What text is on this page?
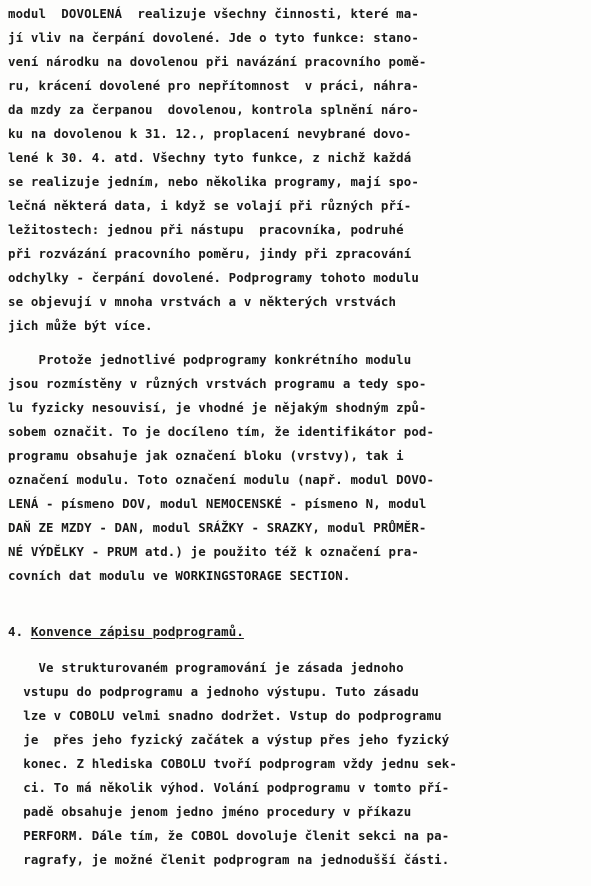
modul  DOVOLENÁ  realizuje všechny činnosti, které ma-
jí vliv na čerpání dovolené. Jde o tyto funkce: stano-
vení národku na dovolenou při navázání pracovního pomě-
ru, krácení dovolené pro nepřítomnost  v práci, náhra-
da mzdy za čerpanou  dovolenou, kontrola splnění náro-
ku na dovolenou k 31. 12., proplacení nevybrané dovo-
lené k 30. 4. atd. Všechny tyto funkce, z nichž každá
se realizuje jedním, nebo několika programy, mají spo-
lečná některá data, i když se volají při různých pří-
ležitostech: jednou při nástupu  pracovníka, podruhé
při rozvázání pracovního poměru, jindy při zpracování
odchylky - čerpání dovolené. Podprogramy tohoto modulu
se objevují v mnoha vrstvách a v některých vrstvách
jich může být více.
Protože jednotlivé podprogramy konkrétního modulu
jsou rozmístěny v různých vrstvách programu a tedy spo-
lu fyzicky nesouvisí, je vhodné je nějakým shodným způ-
sobem označit. To je docíleno tím, že identifikátor pod-
programu obsahuje jak označení bloku (vrstvy), tak i
označení modulu. Toto označení modulu (např. modul DOVO-
LENÁ - písmeno DOV, modul NEMOCENSKÉ - písmeno N, modul
DAŇ ZE MZDY - DAN, modul SRÁŽKY - SRAZKY, modul PRŮMĚR-
NÉ VÝDĚLKY - PRUM atd.) je použito též k označení pra-
covních dat modulu ve WORKINGSTORAGE SECTION.
4. Konvence zápisu podprogramů.
Ve strukturovaném programování je zásada jednoho
vstupu do podprogramu a jednoho výstupu. Tuto zásadu
lze v COBOLU velmi snadno dodržet. Vstup do podprogramu
je  přes jeho fyzický začátek a výstup přes jeho fyzický
konec. Z hlediska COBOLU tvoří podprogram vždy jednu sek-
ci. To má několik výhod. Volání podprogramu v tomto pří-
padě obsahuje jenom jedno jméno procedury v příkazu
PERFORM. Dále tím, že COBOL dovoluje členit sekci na pa-
ragrafy, je možné členit podprogram na jednodušší části.
